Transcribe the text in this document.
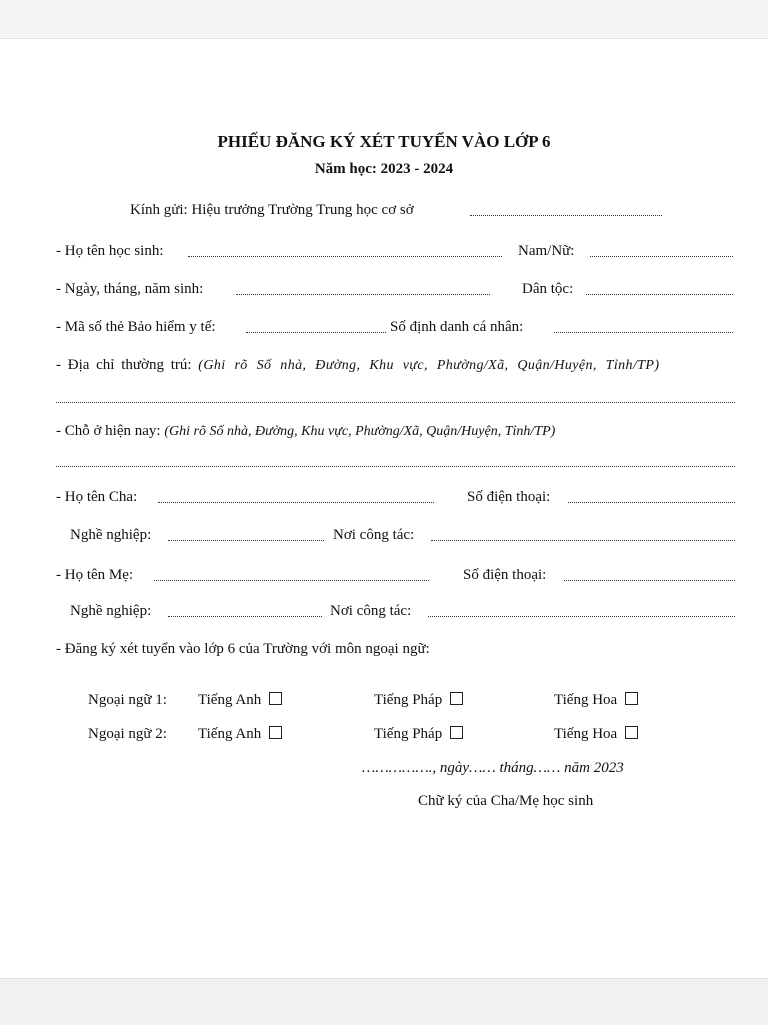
PHIẾU ĐĂNG KÝ XÉT TUYỂN VÀO LỚP 6
Năm học: 2023 - 2024
Kính gửi: Hiệu trưởng Trường Trung học cơ sở
- Họ tên học sinh:	Nam/Nữ:
- Ngày, tháng, năm sinh:	Dân tộc:
- Mã số thẻ Bảo hiểm y tế:	Số định danh cá nhân:
- Địa chỉ thường trú: (Ghi rõ Số nhà, Đường, Khu vực, Phường/Xã, Quận/Huyện, Tỉnh/TP)
- Chỗ ở hiện nay: (Ghi rõ Số nhà, Đường, Khu vực, Phường/Xã, Quận/Huyện, Tỉnh/TP)
- Họ tên Cha:	Số điện thoại:
Nghề nghiệp:	Nơi công tác:
- Họ tên Mẹ:	Số điện thoại:
Nghề nghiệp:	Nơi công tác:
- Đăng ký xét tuyển vào lớp 6 của Trường với môn ngoại ngữ:
Ngoại ngữ 1: Tiếng Anh	Tiếng Pháp	Tiếng Hoa
Ngoại ngữ 2: Tiếng Anh	Tiếng Pháp	Tiếng Hoa
……………., ngày…… tháng…… năm 2023
Chữ ký của Cha/Mẹ học sinh
